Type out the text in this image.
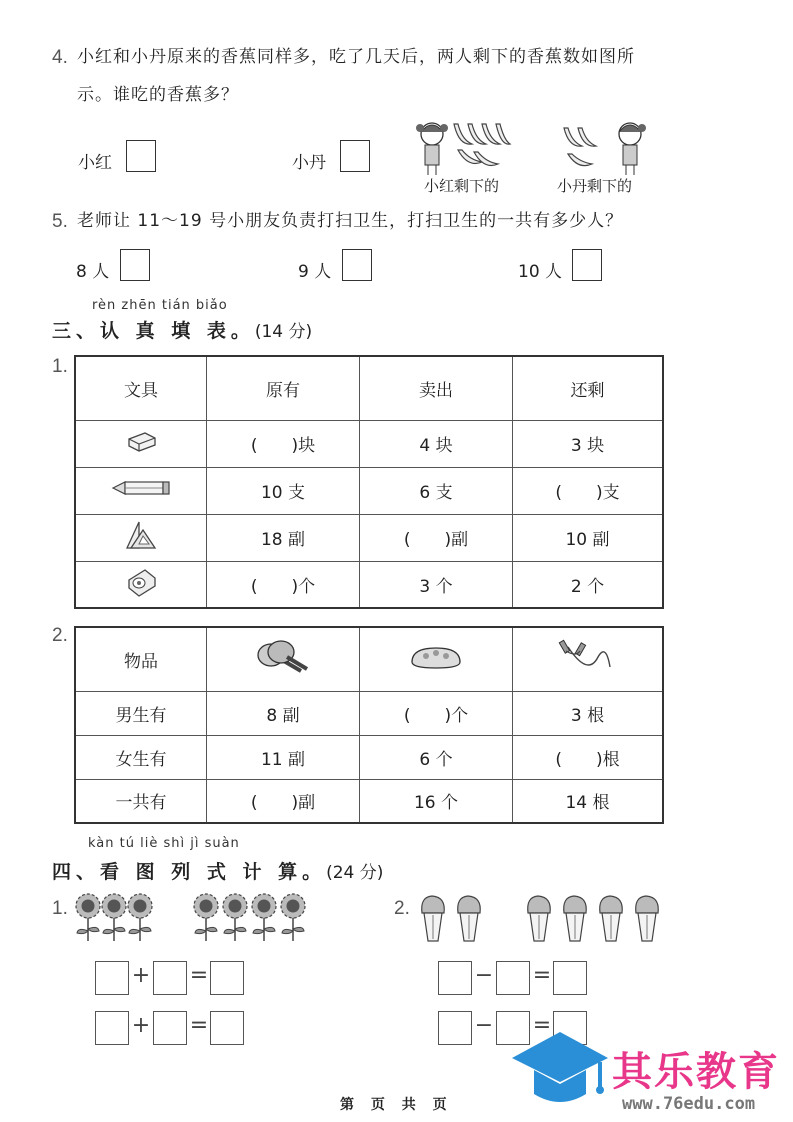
4. 小红和小丹原来的香蕉同样多，吃了几天后，两人剩下的香蕉数如图所
示。谁吃的香蕉多？
小红	小丹
小红剩下的	小丹剩下的
5. 老师让 11～19 号小朋友负责打扫卫生，打扫卫生的一共有多少人？
8 人	9 人	10 人
rèn zhēn tián biǎo
三、认 真 填 表。(14 分)
1.
文具	原有	卖出	还剩
	(　　)块	4 块	3 块
	10 支	6 支	(　　)支
	18 副	(　　)副	10 副
	(　　)个	3 个	2 个
2.
物品			
男生有	8 副	(　　)个	3 根
女生有	11 副	6 个	(　　)根
一共有	(　　)副	16 个	14 根
kàn tú liè shì jì suàn
四、看 图 列 式 计 算。(24 分)
1.	2.
+ =
+ =
− =
− =
第 页 共 页
其乐教育
www.76edu.com
